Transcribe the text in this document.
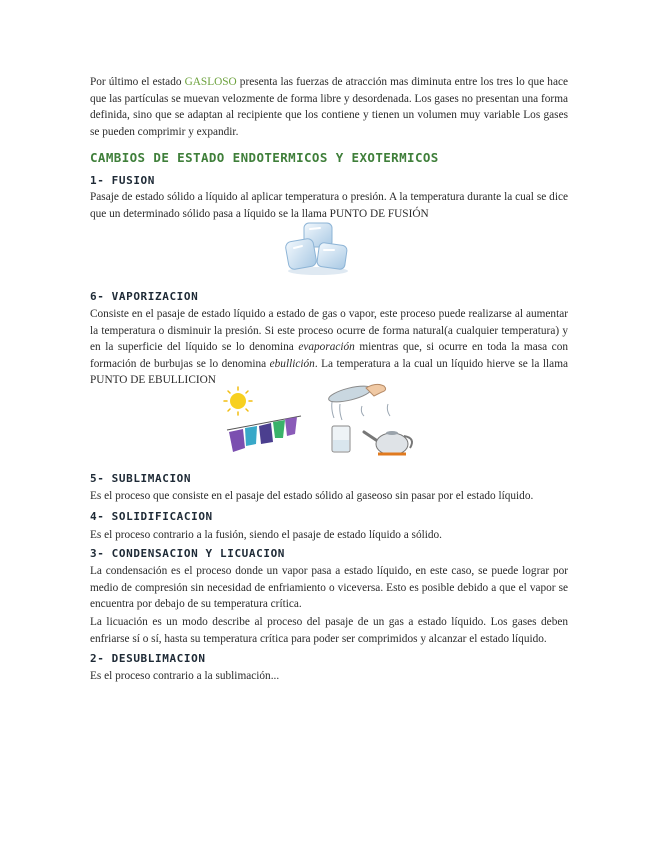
Por último el estado GASLOSO presenta las fuerzas de atracción mas diminuta entre los tres lo que hace que las partículas se muevan velozmente de forma libre y desordenada. Los gases no presentan una forma definida, sino que se adaptan al recipiente que los contiene y tienen un volumen muy variable Los gases se pueden comprimir y expandir.

CAMBIOS DE ESTADO ENDOTERMICOS Y EXOTERMICOS
1- FUSION

Pasaje de estado sólido a líquido al aplicar temperatura o presión. A la temperatura durante la cual se dice que un determinado sólido pasa a líquido se la llama PUNTO DE FUSIÓN

6- VAPORIZACION

Consiste en el pasaje de estado líquido a estado de gas o vapor, este proceso puede realizarse al aumentar la temperatura o disminuir la presión. Si este proceso ocurre de forma natural(a cualquier temperatura) y en la superficie del líquido se lo denomina evaporación mientras que, si ocurre en toda la masa con formación de burbujas se lo denomina ebullición. La temperatura a la cual un líquido hierve se la llama PUNTO DE EBULLICION

5- SUBLIMACION

Es el proceso que consiste en el pasaje del estado sólido al gaseoso sin pasar por el estado líquido.

4- SOLIDIFICACION

Es el proceso contrario a la fusión, siendo el pasaje de estado líquido a sólido.

3- CONDENSACION Y LICUACION

La condensación es el proceso donde un vapor pasa a estado líquido, en este caso, se puede lograr por medio de compresión sin necesidad de enfriamiento o viceversa. Esto es posible debido a que el vapor se encuentra por debajo de su temperatura crítica.

La licuación es un modo describe al proceso del pasaje de un gas a estado líquido. Los gases deben enfriarse sí o sí, hasta su temperatura crítica para poder ser comprimidos y alcanzar el estado líquido.

2- DESUBLIMACION

Es el proceso contrario a la sublimación...
